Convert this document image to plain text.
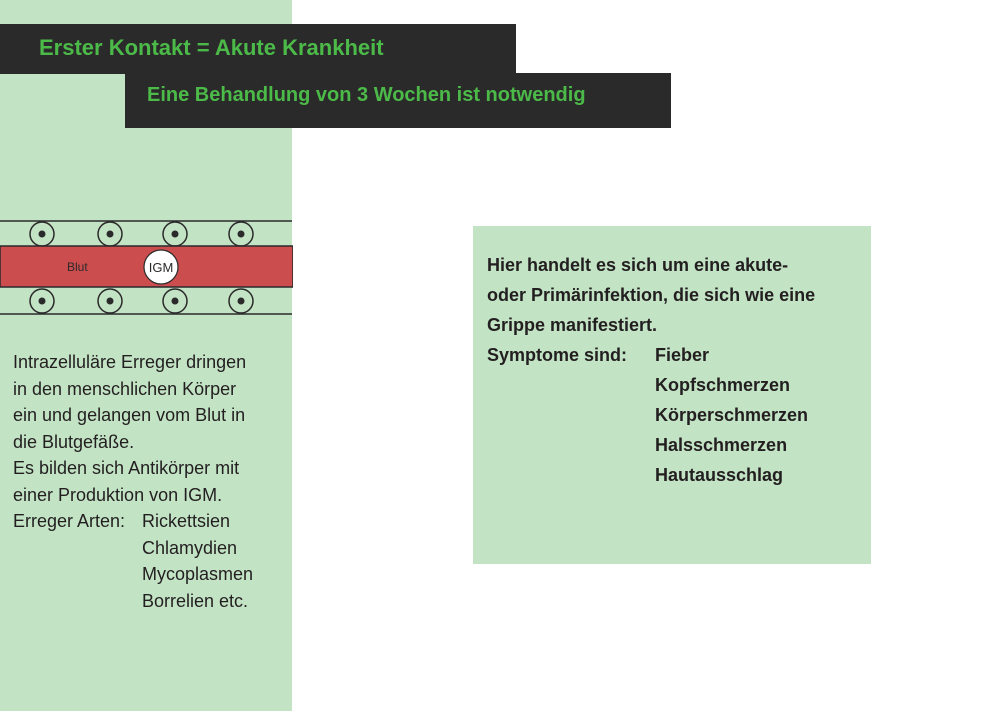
Erster Kontakt = Akute Krankheit
Eine Behandlung von 3 Wochen ist notwendig
Blut	IGM
Intrazelluläre Erreger dringen
in den menschlichen Körper
ein und gelangen vom Blut in
die Blutgefäße.
Es bilden sich Antikörper mit
einer Produktion von IGM.
Erreger Arten: Rickettsien
Chlamydien
Mycoplasmen
Borrelien etc.
Hier handelt es sich um eine akute-
oder Primärinfektion, die sich wie eine
Grippe manifestiert.
Symptome sind:	Fieber
Kopfschmerzen
Körperschmerzen
Halsschmerzen
Hautausschlag
